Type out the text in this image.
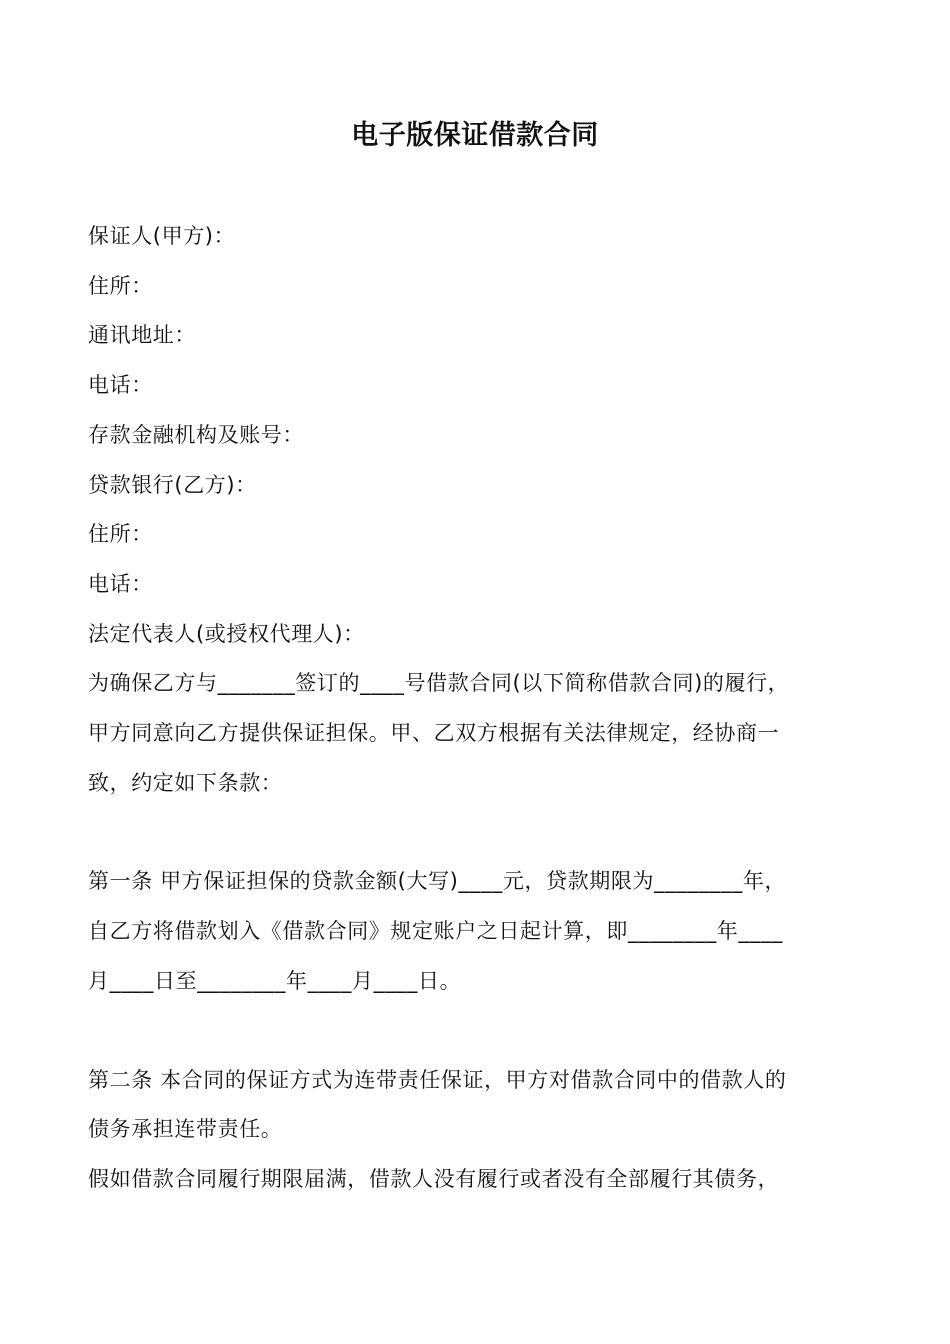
电子版保证借款合同

保证人(甲方)：

住所：

通讯地址：

电话：

存款金融机构及账号：

贷款银行(乙方)：

住所：

电话：

法定代表人(或授权代理人)：

为确保乙方与_______签订的____号借款合同(以下简称借款合同)的履行，

甲方同意向乙方提供保证担保。甲、乙双方根据有关法律规定，经协商一

致，约定如下条款：

第一条 甲方保证担保的贷款金额(大写)____元，贷款期限为________年，

自乙方将借款划入《借款合同》规定账户之日起计算，即________年____

月____日至________年____月____日。

第二条 本合同的保证方式为连带责任保证，甲方对借款合同中的借款人的

债务承担连带责任。

假如借款合同履行期限届满，借款人没有履行或者没有全部履行其债务，
